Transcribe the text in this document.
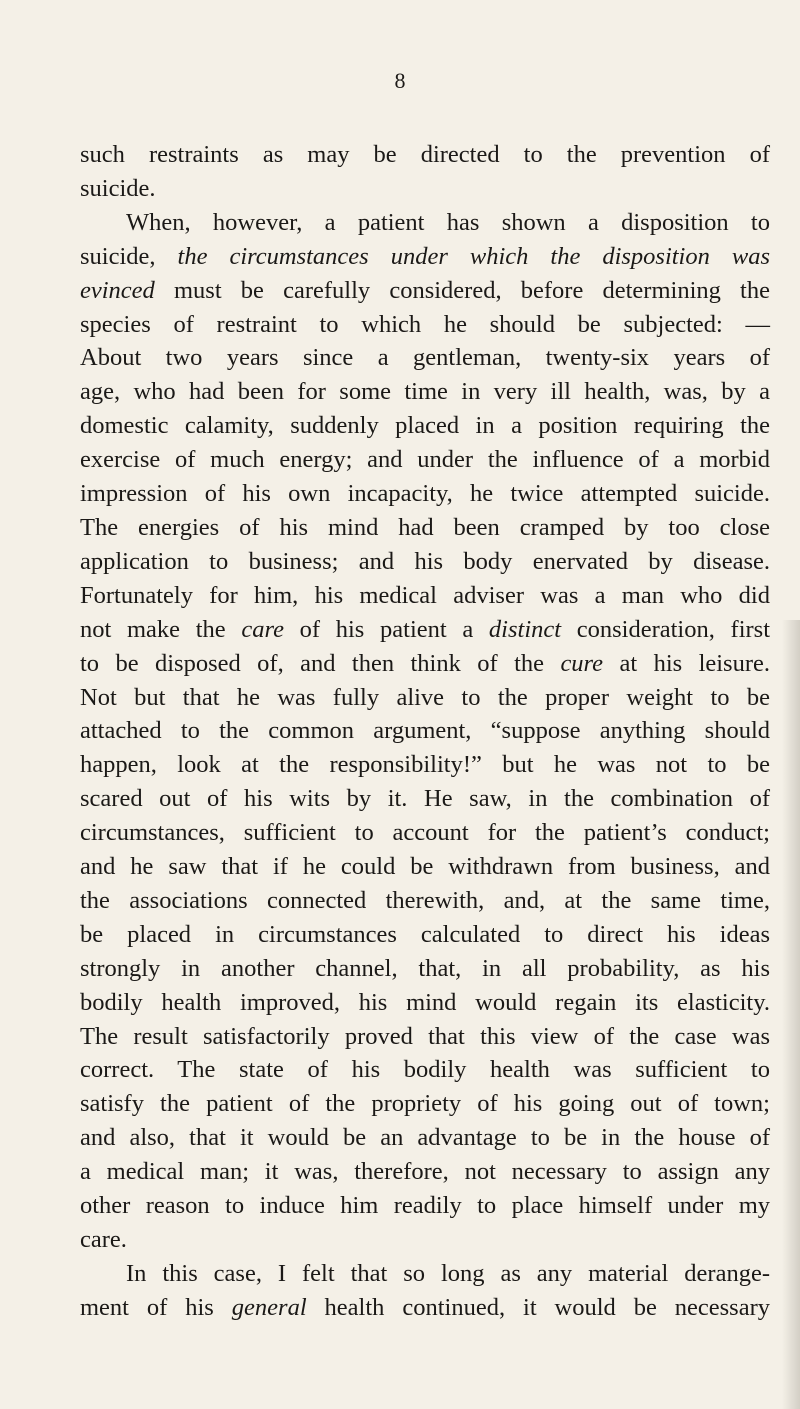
8
such restraints as may be directed to the prevention of
suicide.
When, however, a patient has shown a disposition to
suicide, the circumstances under which the disposition was
evinced must be carefully considered, before determining the
species of restraint to which he should be subjected: —
About two years since a gentleman, twenty-six years of
age, who had been for some time in very ill health, was, by a
domestic calamity, suddenly placed in a position requiring the
exercise of much energy; and under the influence of a morbid
impression of his own incapacity, he twice attempted suicide.
The energies of his mind had been cramped by too close
application to business; and his body enervated by disease.
Fortunately for him, his medical adviser was a man who did
not make the care of his patient a distinct consideration, first
to be disposed of, and then think of the cure at his leisure.
Not but that he was fully alive to the proper weight to be
attached to the common argument, “suppose anything should
happen, look at the responsibility!” but he was not to be
scared out of his wits by it. He saw, in the combination of
circumstances, sufficient to account for the patient’s conduct;
and he saw that if he could be withdrawn from business, and
the associations connected therewith, and, at the same time,
be placed in circumstances calculated to direct his ideas
strongly in another channel, that, in all probability, as his
bodily health improved, his mind would regain its elasticity.
The result satisfactorily proved that this view of the case was
correct. The state of his bodily health was sufficient to
satisfy the patient of the propriety of his going out of town;
and also, that it would be an advantage to be in the house of
a medical man; it was, therefore, not necessary to assign any
other reason to induce him readily to place himself under my
care.
In this case, I felt that so long as any material derange-
ment of his general health continued, it would be necessary
